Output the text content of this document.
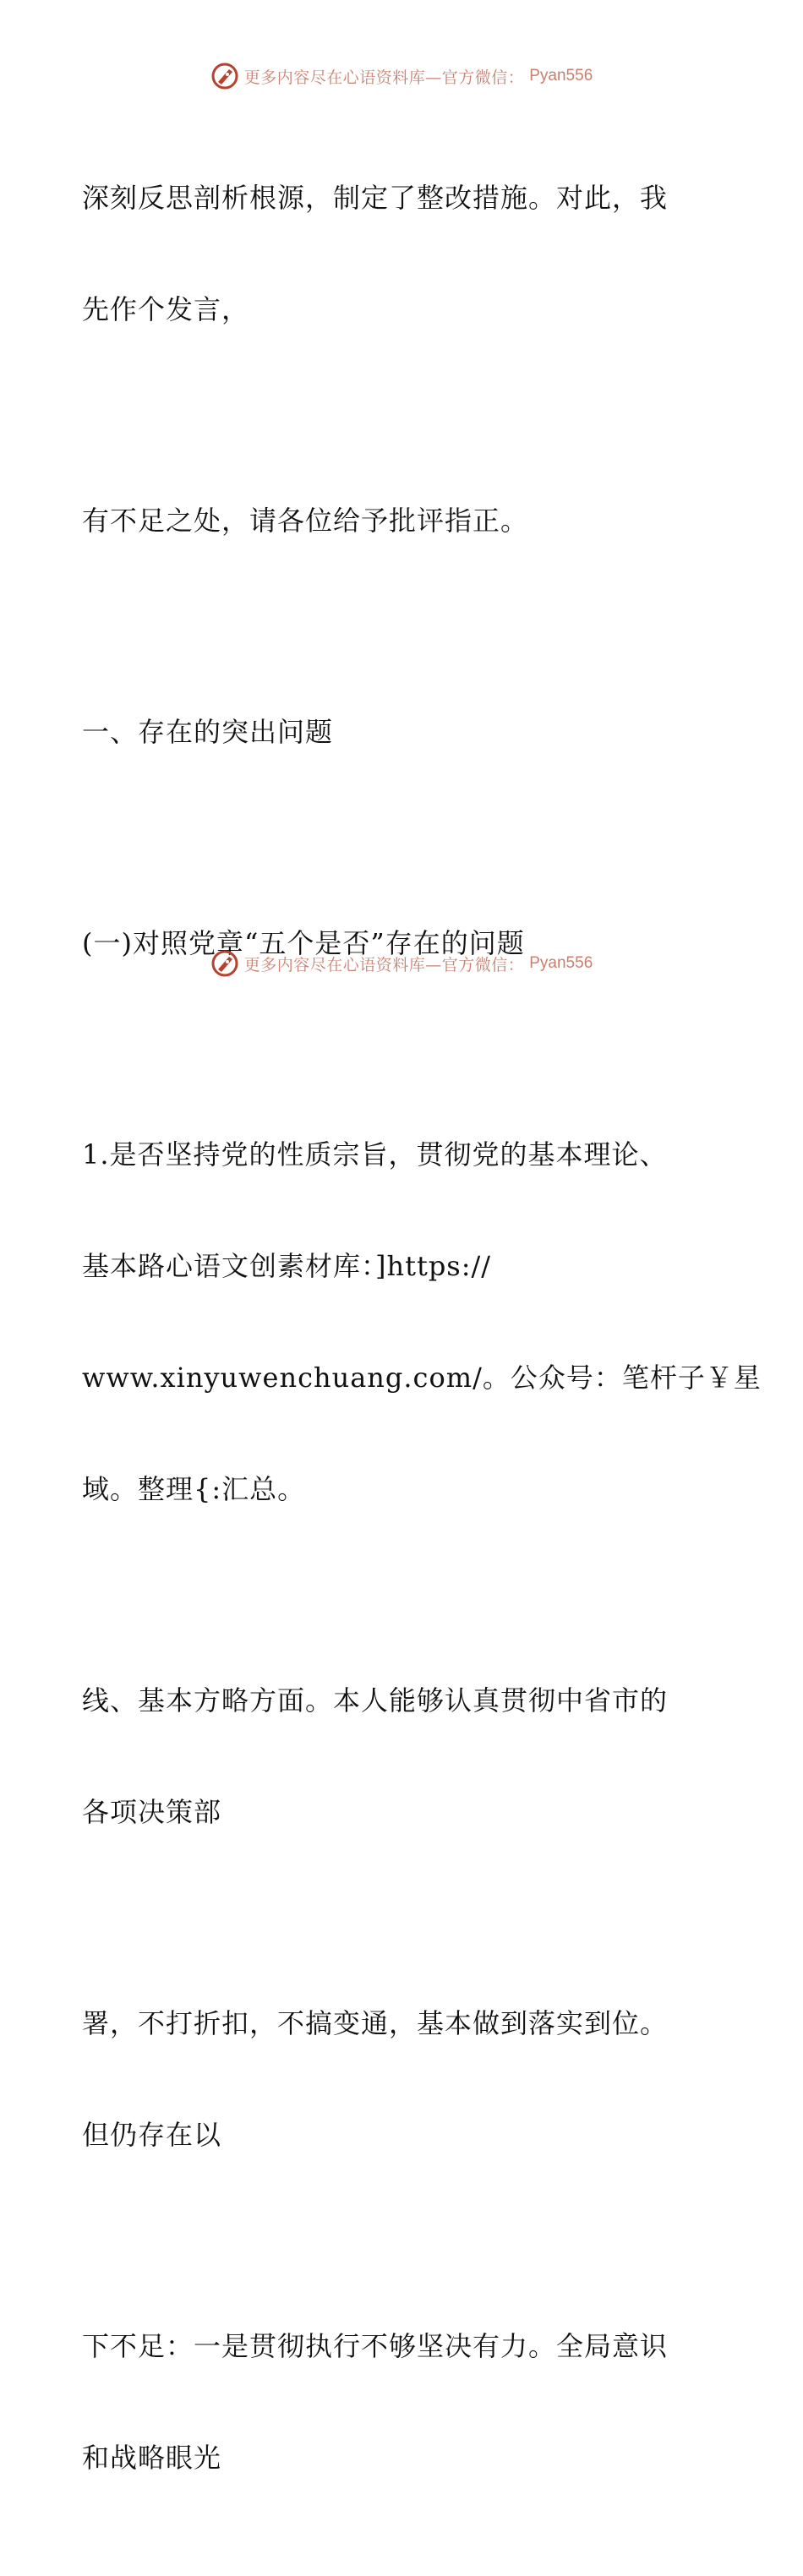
更多内容尽在心语资料库—官方微信： Pyan556

深刻反思剖析根源，制定了整改措施。对此，我

先作个发言，

有不足之处，请各位给予批评指正。

一、存在的突出问题

(一)对照党章“五个是否”存在的问题

1.是否坚持党的性质宗旨，贯彻党的基本理论、

基本路心语文创素材库：]https://

www.xinyuwenchuang.com/。公众号：笔杆子￥星

域。整理{:汇总。

线、基本方略方面。本人能够认真贯彻中省市的

各项决策部

署，不打折扣，不搞变通，基本做到落实到位。

但仍存在以

下不足：一是贯彻执行不够坚决有力。全局意识

和战略眼光

更多内容尽在心语资料库—官方微信： Pyan556
